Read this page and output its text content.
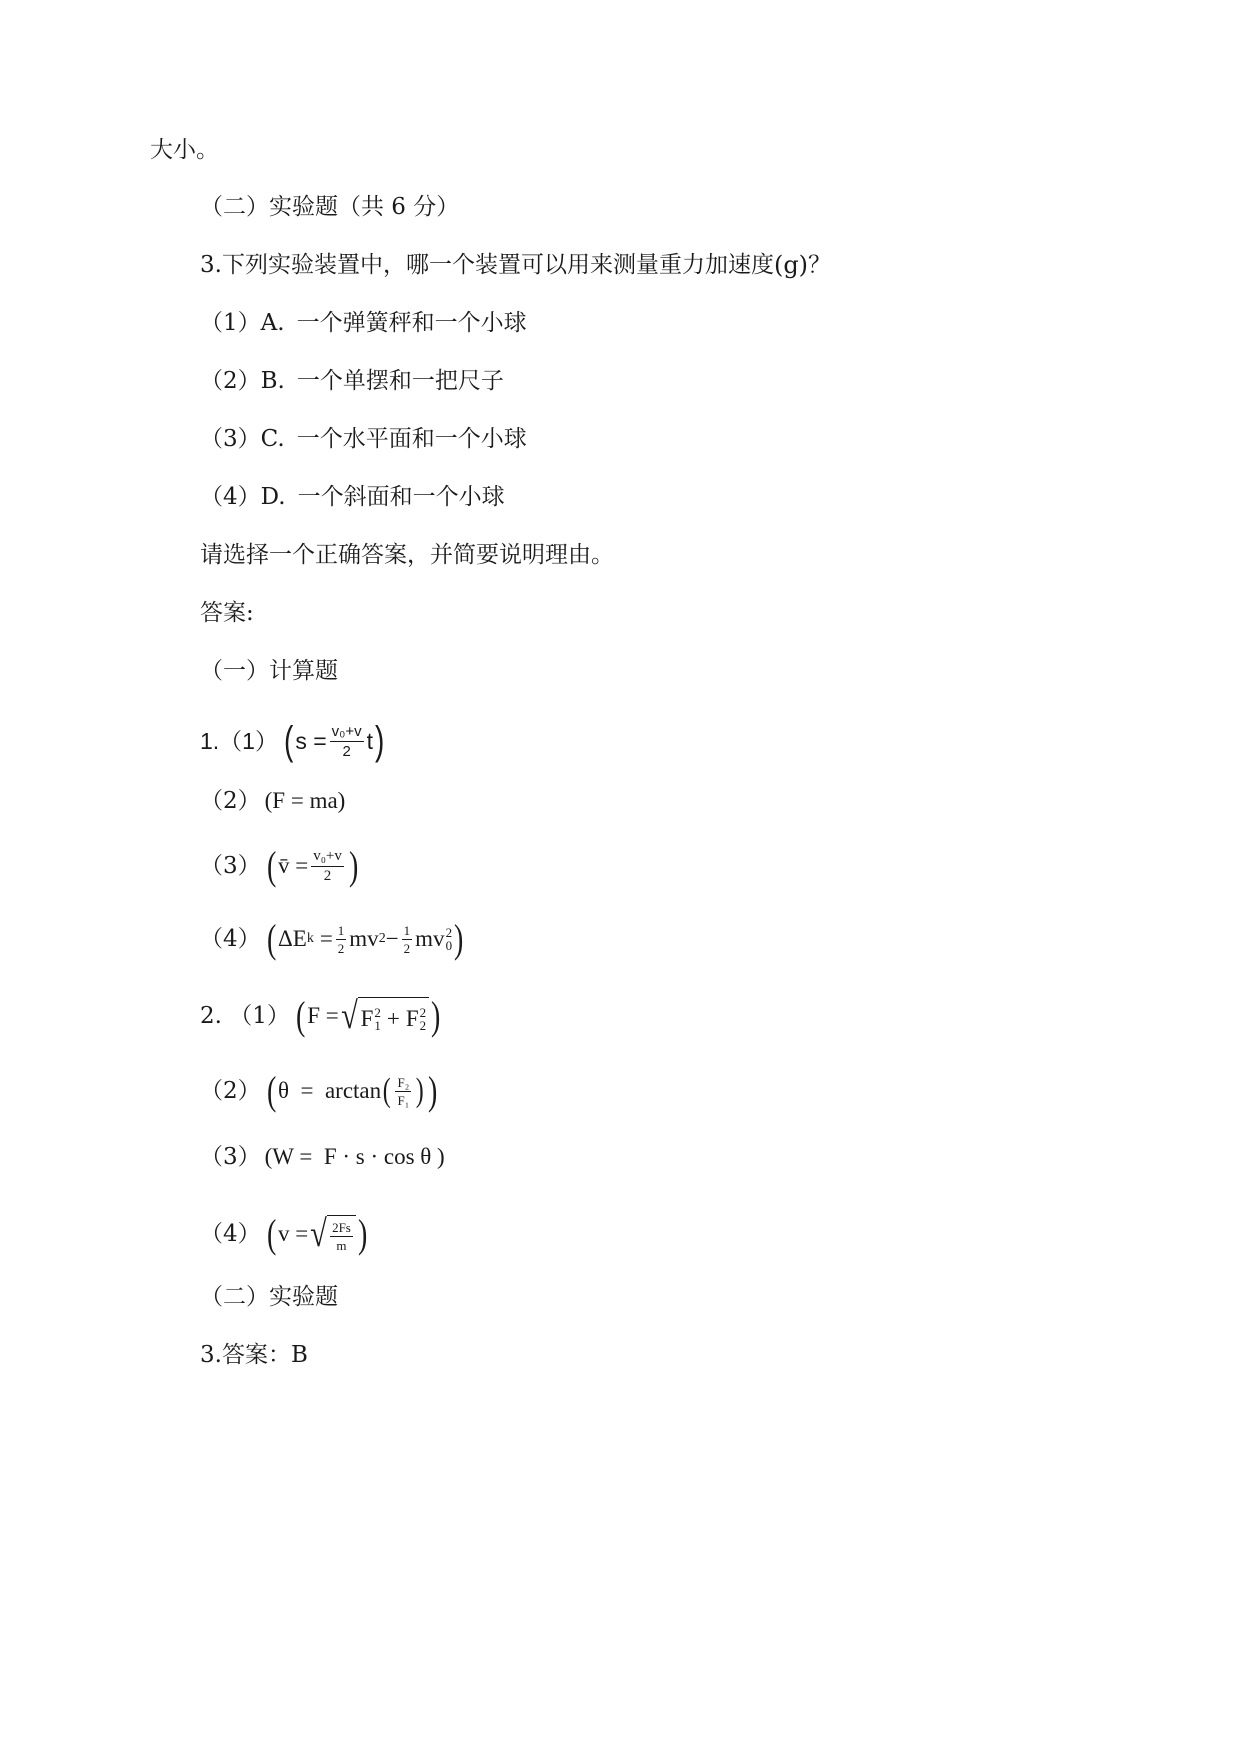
大小。
（二）实验题（共 6 分）
3.下列实验装置中，哪一个装置可以用来测量重力加速度 (g) ？
（1）A. 一个弹簧秤和一个小球
（2）B. 一个单摆和一把尺子
（3）C. 一个水平面和一个小球
（4）D. 一个斜面和一个小球
请选择一个正确答案，并简要说明理由。
答案:
（一）计算题
1.（1） ( $s = \frac{\text{v₀+v}}{2}$ t )
（2） (F = ma)
（3） ( v̄ = $\frac{\text{v₀+v}}{2}$ )
（4） ( ΔE $k = \frac{1}{2}$ mv $2 - \frac{1}{2}$ mv 2
0 )
2. （1） ( F = √ F 2
1 + F 2
2 )
（2） ( θ  =  arctan ( $\frac{\text{F₂}}{\text{F₁}}$ ) )
（3） (W =  F · s · cos θ )
（4） ( v = √ $\frac{2Fs}{m}$ )
（二）实验题
3.答案：B
